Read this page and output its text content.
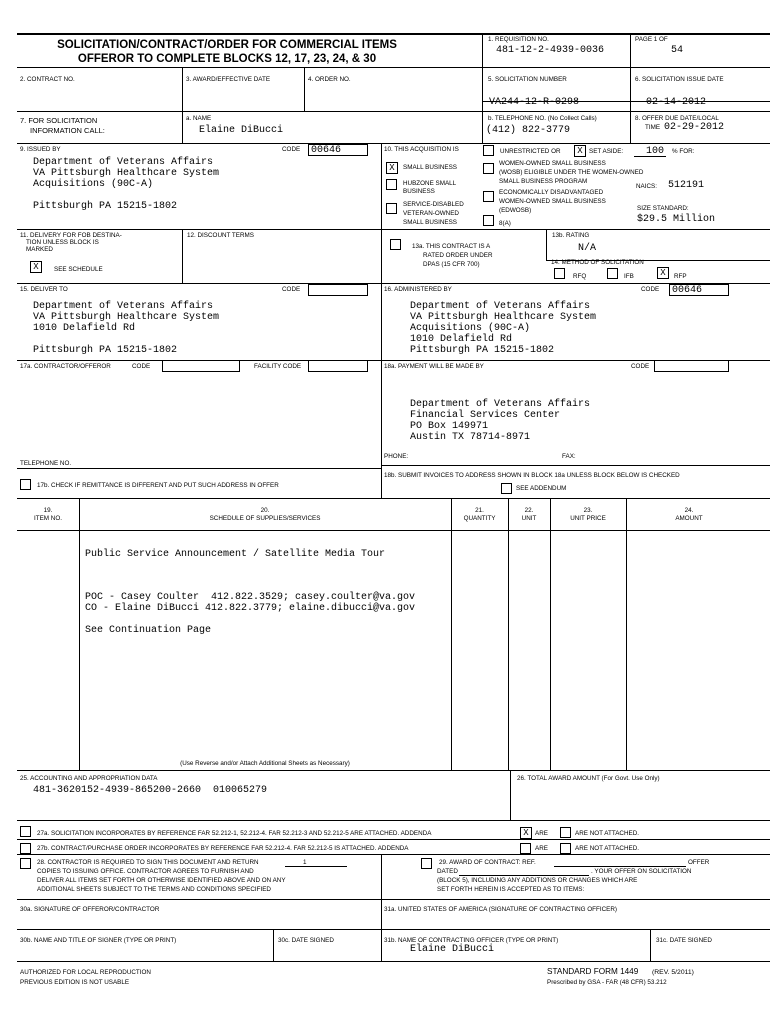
SOLICITATION/CONTRACT/ORDER FOR COMMERCIAL ITEMS
OFFEROR TO COMPLETE BLOCKS 12, 17, 23, 24, & 30
1. REQUISITION NO.
481-12-2-4939-0036
PAGE 1 OF
54
2. CONTRACT NO.	3. AWARD/EFFECTIVE DATE	4. ORDER NO.	5. SOLICITATION NUMBER
VA244-12-R-0298
6. SOLICITATION ISSUE DATE
02-14-2012
7. FOR SOLICITATION
INFORMATION CALL:
a. NAME
Elaine DiBucci
b. TELEPHONE NO. (No Collect Calls)
(412) 822-3779
8. OFFER DUE DATE/LOCAL
TIME 02-29-2012
9. ISSUED BY	CODE	00646
Department of Veterans Affairs
VA Pittsburgh Healthcare System
Acquisitions (90C-A)
Pittsburgh PA 15215-1802
10. THIS ACQUISITION IS	UNRESTRICTED OR	X SET ASIDE: 100 % FOR:
X	SMALL BUSINESS
HUBZONE SMALL
BUSINESS
SERVICE-DISABLED
VETERAN-OWNED
SMALL BUSINESS
WOMEN-OWNED SMALL BUSINESS
(WOSB) ELIGIBLE UNDER THE WOMEN-OWNED
SMALL BUSINESS PROGRAM
ECONOMICALLY DISADVANTAGED
WOMEN-OWNED SMALL BUSINESS
(EDWOSB)
8(A)
NAICS: 512191
SIZE STANDARD:
$29.5 Million
11. DELIVERY FOR FOB DESTINA-
TION UNLESS BLOCK IS
MARKED
X	SEE SCHEDULE
12. DISCOUNT TERMS
13a. THIS CONTRACT IS A
RATED ORDER UNDER
DPAS (15 CFR 700)
13b. RATING
N/A
14. METHOD OF SOLICITATION
RFQ	IFB	X	RFP
15. DELIVER TO	CODE
Department of Veterans Affairs
VA Pittsburgh Healthcare System
1010 Delafield Rd
Pittsburgh PA 15215-1802
16. ADMINISTERED BY	CODE	00646
Department of Veterans Affairs
VA Pittsburgh Healthcare System
Acquisitions (90C-A)
1010 Delafield Rd
Pittsburgh PA 15215-1802
17a. CONTRACTOR/OFFEROR	CODE	FACILITY CODE
TELEPHONE NO.
17b. CHECK IF REMITTANCE IS DIFFERENT AND PUT SUCH ADDRESS IN OFFER
18a. PAYMENT WILL BE MADE BY	CODE
Department of Veterans Affairs
Financial Services Center
PO Box 149971
Austin TX 78714-8971
PHONE:	FAX:
18b. SUBMIT INVOICES TO ADDRESS SHOWN IN BLOCK 18a UNLESS BLOCK BELOW IS CHECKED
SEE ADDENDUM
19.
ITEM NO.
20.
SCHEDULE OF SUPPLIES/SERVICES
21.
QUANTITY
22.
UNIT
23.
UNIT PRICE
24.
AMOUNT
Public Service Announcement / Satellite Media Tour
POC - Casey Coulter  412.822.3529; casey.coulter@va.gov
CO - Elaine DiBucci 412.822.3779; elaine.dibucci@va.gov
See Continuation Page
(Use Reverse and/or Attach Additional Sheets as Necessary)
25. ACCOUNTING AND APPROPRIATION DATA
481-3620152-4939-865200-2660  010065279
26. TOTAL AWARD AMOUNT (For Govt. Use Only)
27a. SOLICITATION INCORPORATES BY REFERENCE FAR 52.212-1, 52.212-4. FAR 52.212-3 AND 52.212-5 ARE ATTACHED. ADDENDA	X ARE	ARE NOT ATTACHED.
27b. CONTRACT/PURCHASE ORDER INCORPORATES BY REFERENCE FAR 52.212-4. FAR 52.212-5 IS ATTACHED. ADDENDA	ARE	ARE NOT ATTACHED.
28. CONTRACTOR IS REQUIRED TO SIGN THIS DOCUMENT AND RETURN	1
COPIES TO ISSUING OFFICE. CONTRACTOR AGREES TO FURNISH AND
DELIVER ALL ITEMS SET FORTH OR OTHERWISE IDENTIFIED ABOVE AND ON ANY
ADDITIONAL SHEETS SUBJECT TO THE TERMS AND CONDITIONS SPECIFIED
29. AWARD OF CONTRACT: REF.	OFFER
DATED	. YOUR OFFER ON SOLICITATION
(BLOCK 5), INCLUDING ANY ADDITIONS OR CHANGES WHICH ARE
SET FORTH HEREIN IS ACCEPTED AS TO ITEMS:
30a. SIGNATURE OF OFFEROR/CONTRACTOR	31a. UNITED STATES OF AMERICA (SIGNATURE OF CONTRACTING OFFICER)
30b. NAME AND TITLE OF SIGNER (TYPE OR PRINT)	30c. DATE SIGNED	31b. NAME OF CONTRACTING OFFICER (TYPE OR PRINT)
Elaine DiBucci
31c. DATE SIGNED
AUTHORIZED FOR LOCAL REPRODUCTION
PREVIOUS EDITION IS NOT USABLE
STANDARD FORM 1449 (REV. 5/2011)
Prescribed by GSA - FAR (48 CFR) 53.212
